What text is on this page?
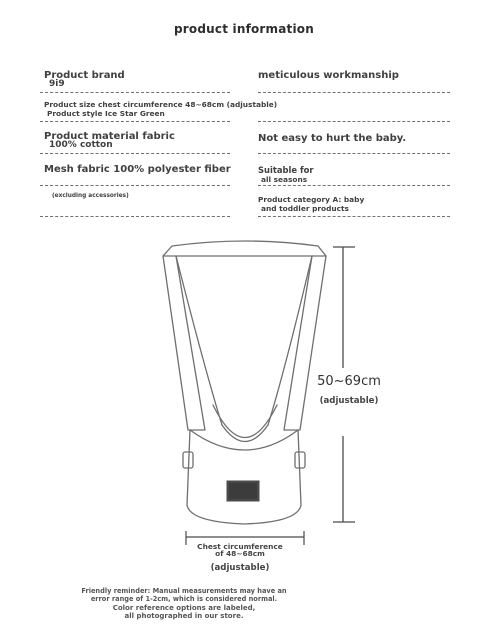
product information
Product brand
9i9
meticulous workmanship
Product size chest circumference 48~68cm (adjustable)
Product style Ice Star Green
Product material fabric
100% cotton
Not easy to hurt the baby.
Mesh fabric 100% polyester fiber	Suitable for
all seasons
(excluding accessories)	Product category A: baby
and toddler products
50~69cm
(adjustable)
Chest circumference
of 48~68cm
(adjustable)
Friendly reminder: Manual measurements may have an
error range of 1-2cm, which is considered normal.
Color reference options are labeled,
all photographed in our store.
